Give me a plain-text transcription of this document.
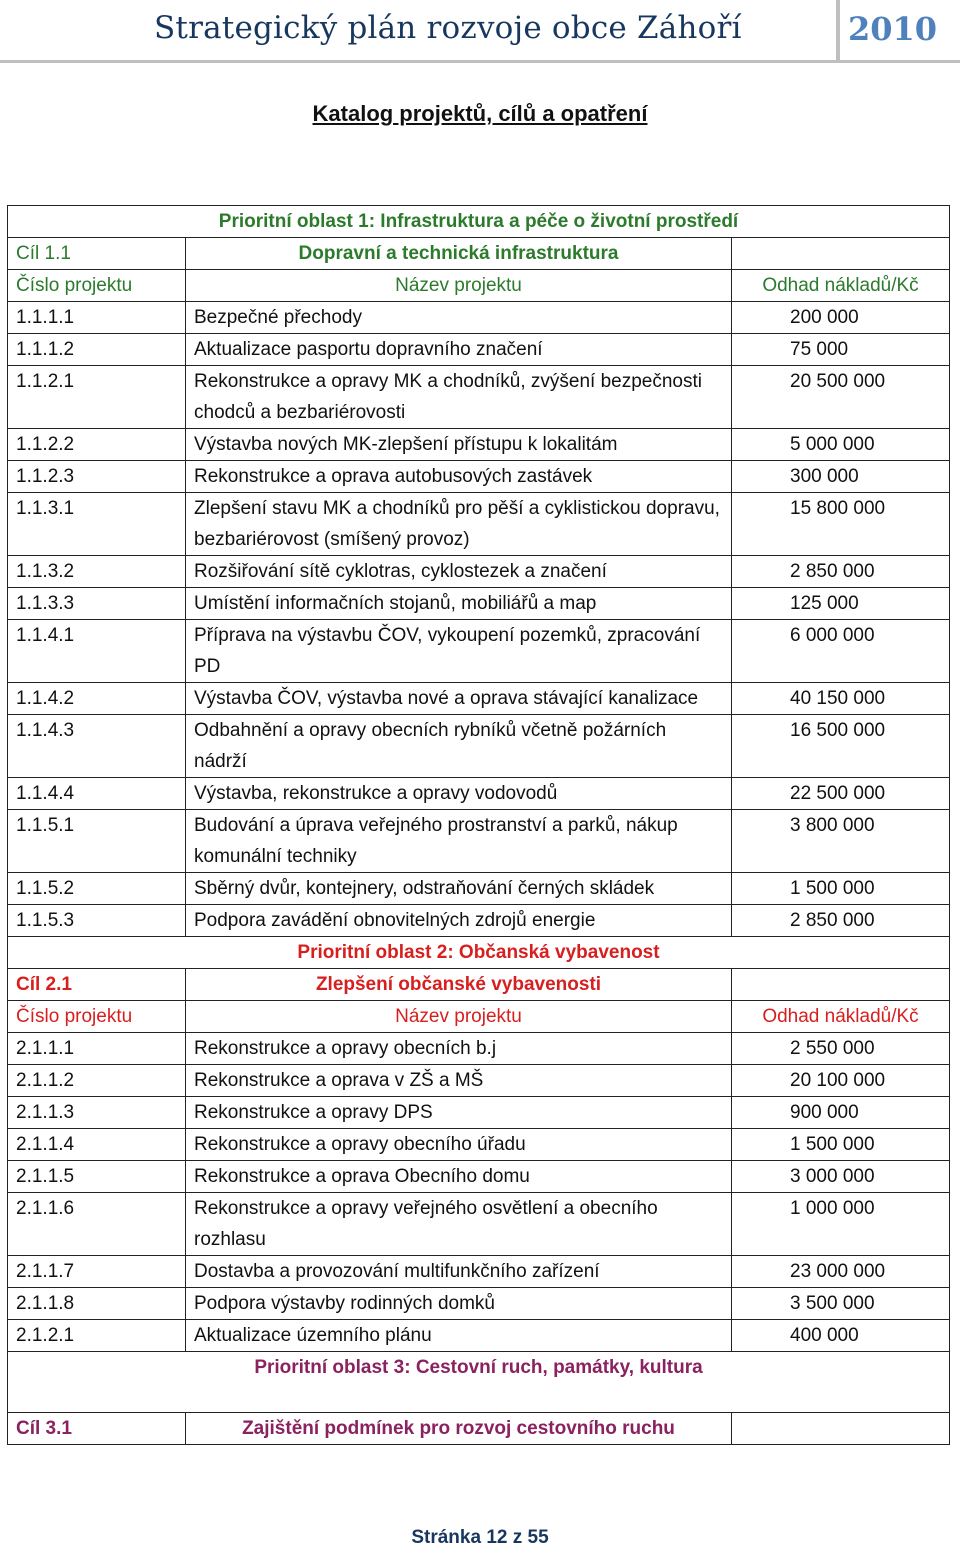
Strategický plán rozvoje obce Záhoří	2010
Katalog projektů, cílů a opatření
Prioritní oblast 1: Infrastruktura a péče o životní prostředí		
Cíl 1.1	Dopravní a technická infrastruktura	
Číslo projektu	Název projektu	Odhad nákladů/Kč
1.1.1.1	Bezpečné přechody	200 000
1.1.1.2	Aktualizace pasportu dopravního značení	75 000
1.1.2.1	Rekonstrukce a opravy MK a chodníků, zvýšení bezpečnosti chodců a bezbariérovosti	20 500 000
1.1.2.2	Výstavba nových MK-zlepšení přístupu k lokalitám	5 000 000
1.1.2.3	Rekonstrukce a oprava autobusových zastávek	300 000
1.1.3.1	Zlepšení stavu MK a chodníků pro pěší a cyklistickou dopravu, bezbariérovost (smíšený provoz)	15 800 000
1.1.3.2	Rozšiřování sítě cyklotras, cyklostezek a značení	2 850 000
1.1.3.3	Umístění informačních stojanů, mobiliářů a map	125 000
1.1.4.1	Příprava na výstavbu ČOV, vykoupení pozemků, zpracování PD	6 000 000
1.1.4.2	Výstavba ČOV, výstavba nové a oprava stávající kanalizace	40 150 000
1.1.4.3	Odbahnění a opravy obecních rybníků včetně požárních nádrží	16 500 000
1.1.4.4	Výstavba, rekonstrukce a opravy vodovodů	22 500 000
1.1.5.1	Budování a úprava veřejného prostranství a parků, nákup komunální techniky	3 800 000
1.1.5.2	Sběrný dvůr, kontejnery, odstraňování černých skládek	1 500 000
1.1.5.3	Podpora zavádění obnovitelných zdrojů energie	2 850 000
Prioritní oblast 2: Občanská vybavenost		
Cíl 2.1	Zlepšení občanské vybavenosti	
Číslo projektu	Název projektu	Odhad nákladů/Kč
2.1.1.1	Rekonstrukce a opravy obecních b.j	2 550 000
2.1.1.2	Rekonstrukce a oprava v ZŠ a MŠ	20 100 000
2.1.1.3	Rekonstrukce a opravy DPS	900 000
2.1.1.4	Rekonstrukce a opravy obecního úřadu	1 500 000
2.1.1.5	Rekonstrukce a oprava Obecního domu	3 000 000
2.1.1.6	Rekonstrukce a opravy veřejného osvětlení a obecního rozhlasu	1 000 000
2.1.1.7	Dostavba a provozování multifunkčního zařízení	23 000 000
2.1.1.8	Podpora výstavby rodinných domků	3 500 000
2.1.2.1	Aktualizace územního plánu	400 000
Prioritní oblast 3: Cestovní ruch, památky, kultura		
Cíl 3.1	Zajištění podmínek pro rozvoj cestovního ruchu	
Stránka 12 z 55
